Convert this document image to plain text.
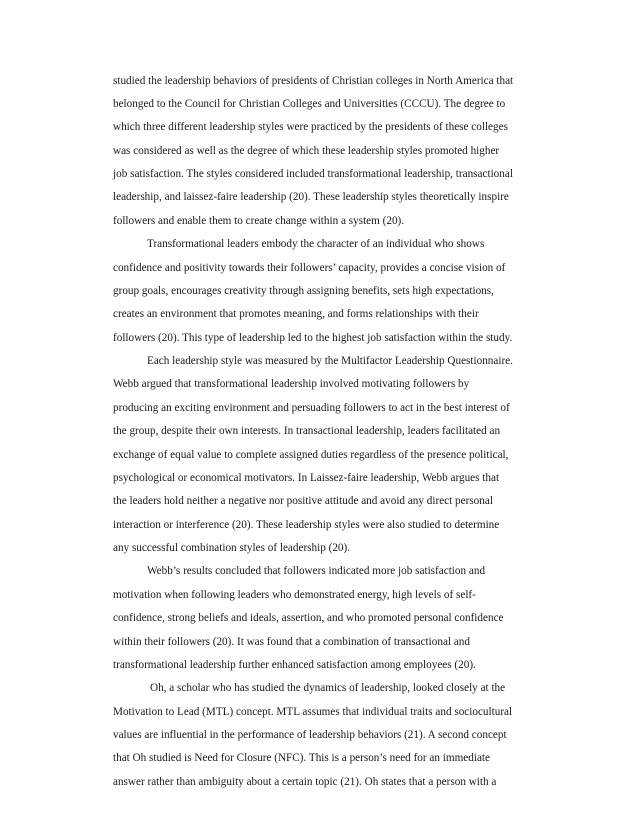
studied the leadership behaviors of presidents of Christian colleges in North America that

belonged to the Council for Christian Colleges and Universities (CCCU). The degree to

which three different leadership styles were practiced by the presidents of these colleges

was considered as well as the degree of which these leadership styles promoted higher

job satisfaction. The styles considered included transformational leadership, transactional

leadership, and laissez-faire leadership (20). These leadership styles theoretically inspire

followers and enable them to create change within a system (20).

Transformational leaders embody the character of an individual who shows

confidence and positivity towards their followers’ capacity, provides a concise vision of

group goals, encourages creativity through assigning benefits, sets high expectations,

creates an environment that promotes meaning, and forms relationships with their

followers (20). This type of leadership led to the highest job satisfaction within the study.

Each leadership style was measured by the Multifactor Leadership Questionnaire.

Webb argued that transformational leadership involved motivating followers by

producing an exciting environment and persuading followers to act in the best interest of

the group, despite their own interests. In transactional leadership, leaders facilitated an

exchange of equal value to complete assigned duties regardless of the presence political,

psychological or economical motivators. In Laissez-faire leadership, Webb argues that

the leaders hold neither a negative nor positive attitude and avoid any direct personal

interaction or interference (20). These leadership styles were also studied to determine

any successful combination styles of leadership (20).

Webb’s results concluded that followers indicated more job satisfaction and

motivation when following leaders who demonstrated energy, high levels of self-

confidence, strong beliefs and ideals, assertion, and who promoted personal confidence

within their followers (20). It was found that a combination of transactional and

transformational leadership further enhanced satisfaction among employees (20).

Oh, a scholar who has studied the dynamics of leadership, looked closely at the

Motivation to Lead (MTL) concept. MTL assumes that individual traits and sociocultural

values are influential in the performance of leadership behaviors (21). A second concept

that Oh studied is Need for Closure (NFC). This is a person’s need for an immediate

answer rather than ambiguity about a certain topic (21). Oh states that a person with a
